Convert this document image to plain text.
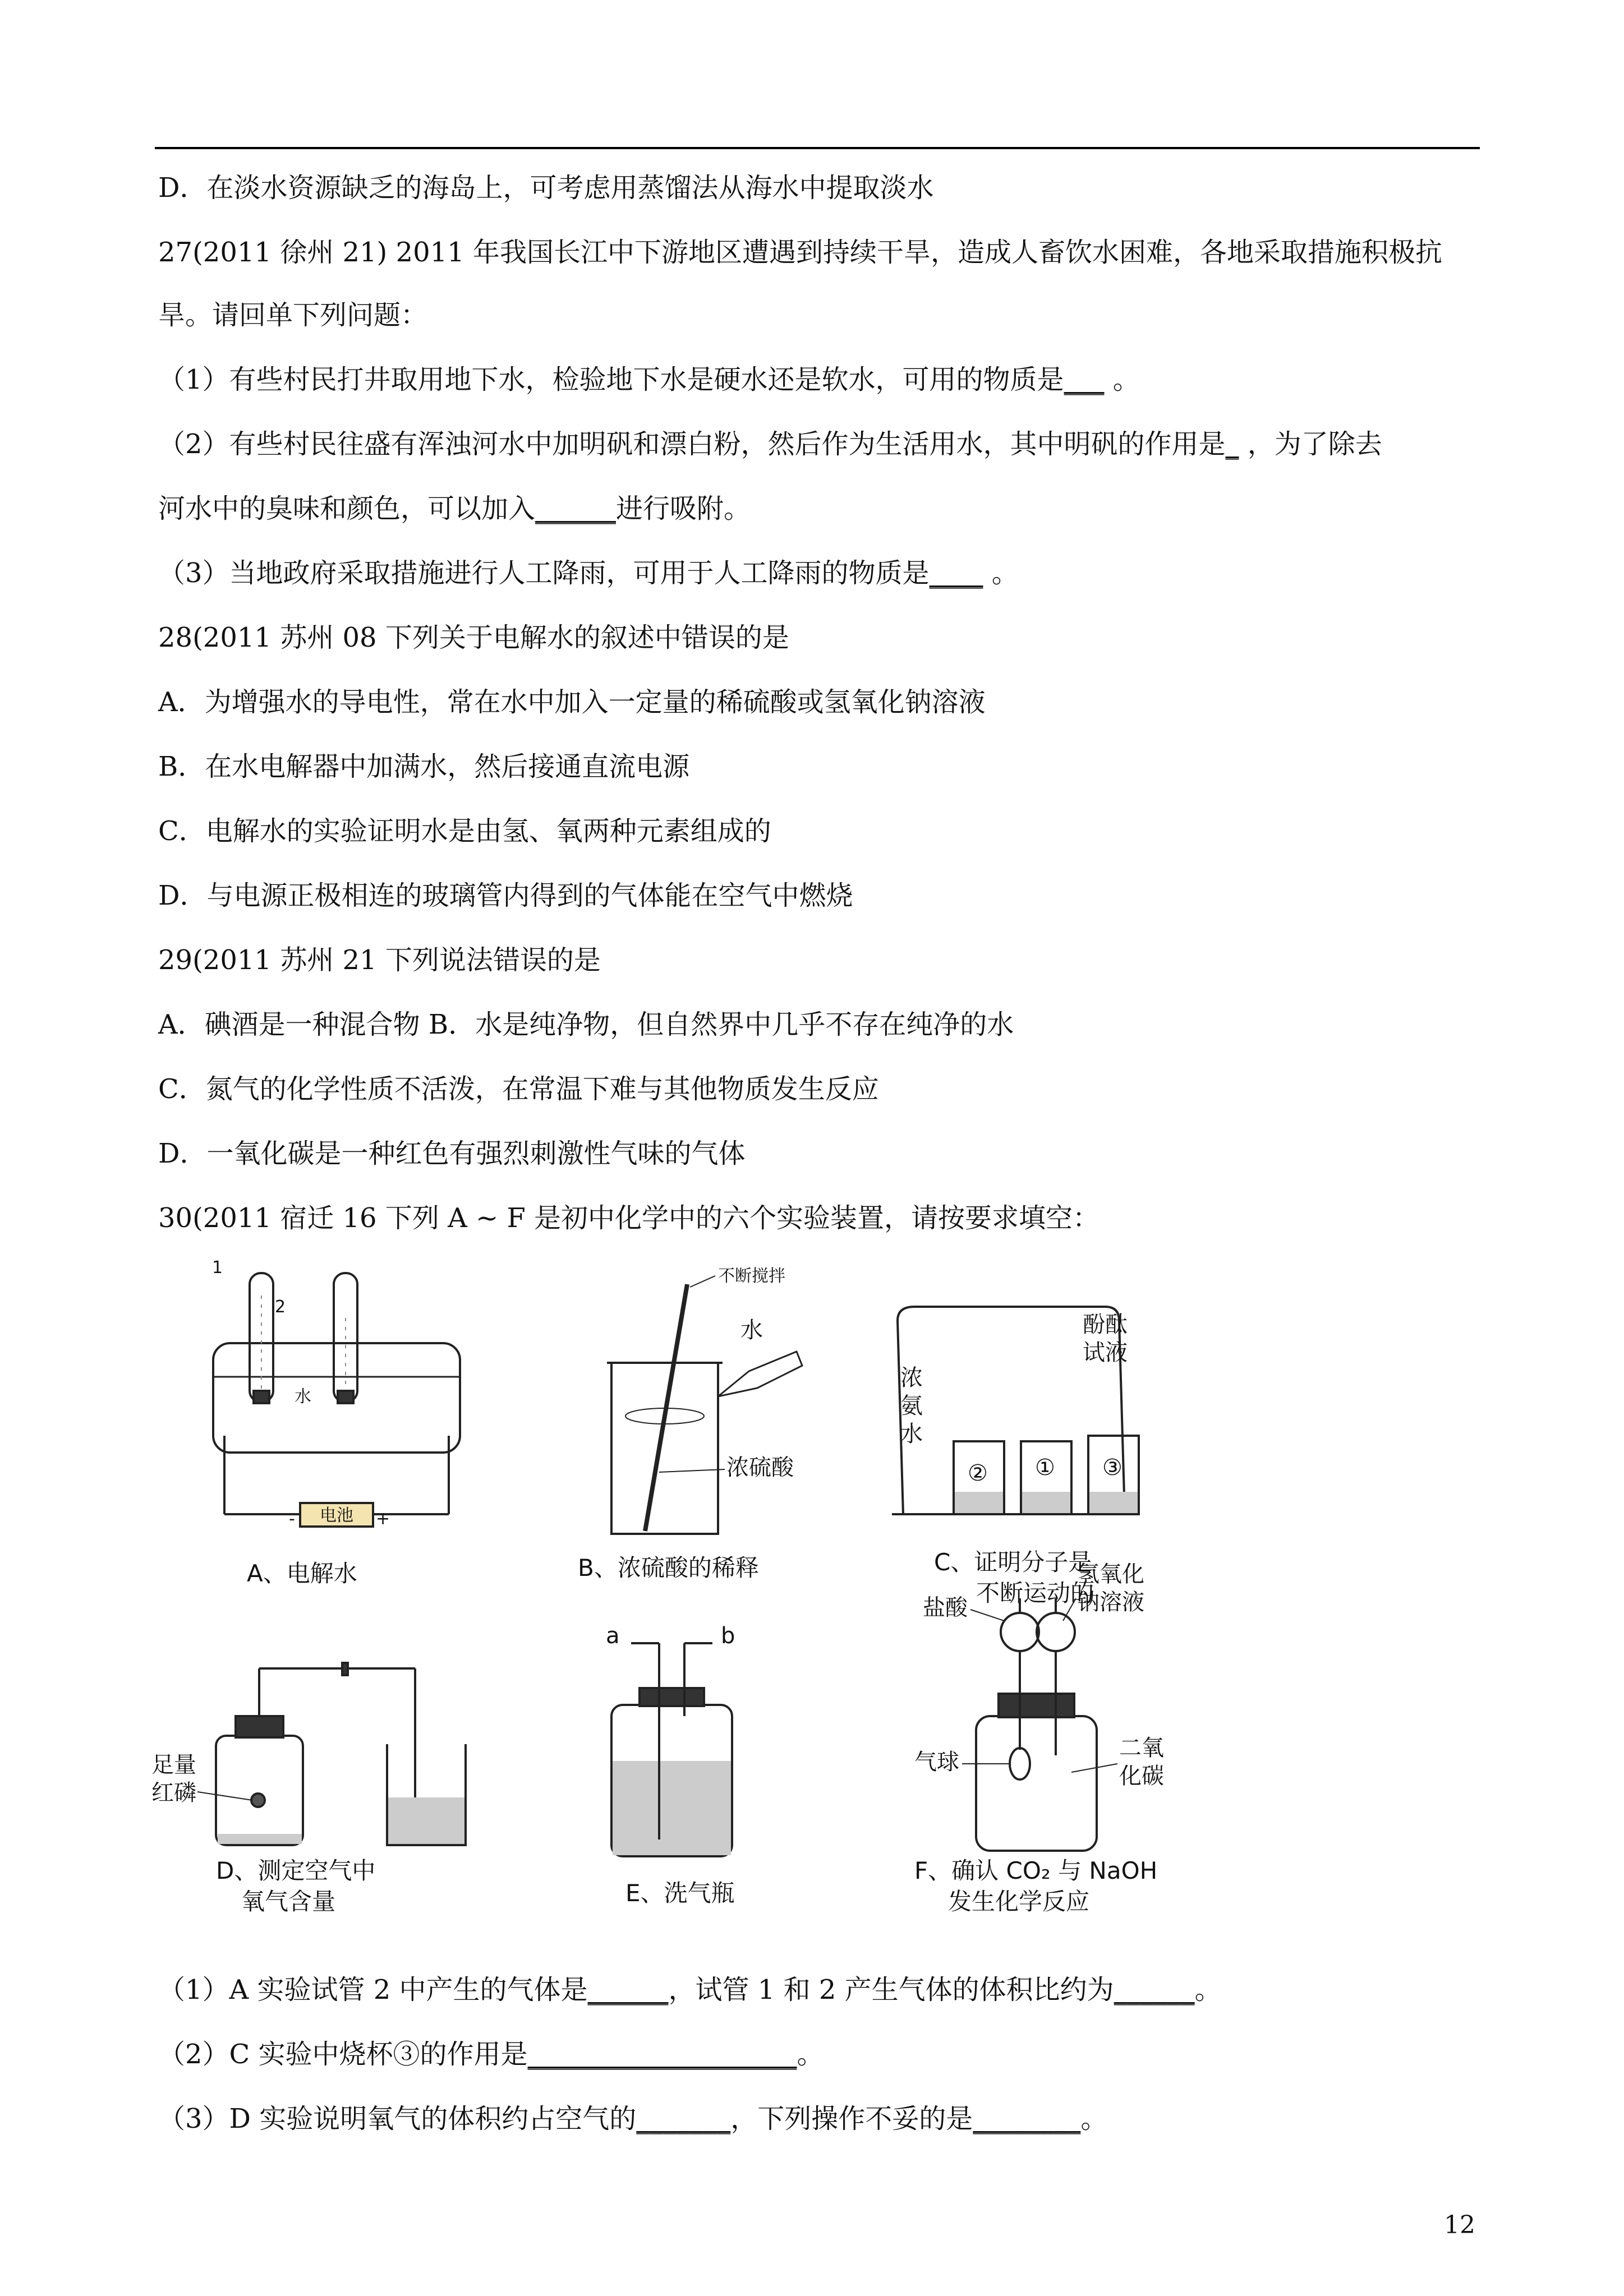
D．在淡水资源缺乏的海岛上，可考虑用蒸馏法从海水中提取淡水
27(2011 徐州 21) 2011 年我国长江中下游地区遭遇到持续干旱，造成人畜饮水困难，各地采取措施积极抗
旱。请回单下列问题：
（1）有些村民打井取用地下水，检验地下水是硬水还是软水，可用的物质是___ 。
（2）有些村民往盛有浑浊河水中加明矾和漂白粉，然后作为生活用水，其中明矾的作用是_ ，为了除去
河水中的臭味和颜色，可以加入______进行吸附。
（3）当地政府采取措施进行人工降雨，可用于人工降雨的物质是____ 。
28(2011 苏州 08 下列关于电解水的叙述中错误的是
A．为增强水的导电性，常在水中加入一定量的稀硫酸或氢氧化钠溶液
B．在水电解器中加满水，然后接通直流电源
C．电解水的实验证明水是由氢、氧两种元素组成的
D．与电源正极相连的玻璃管内得到的气体能在空气中燃烧
29(2011 苏州 21 下列说法错误的是
A．碘酒是一种混合物 B．水是纯净物，但自然界中几乎不存在纯净的水
C．氮气的化学性质不活泼，在常温下难与其他物质发生反应
D．一氧化碳是一种红色有强烈刺激性气味的气体
30(2011 宿迁 16 下列 A ~ F 是初中化学中的六个实验装置，请按要求填空：
电池
-	+
1
2
水
A、电解水
不断搅拌
水
浓硫酸
B、浓硫酸的稀释
② ① ③
酚酞
试液
浓
氨
水
C、证明分子是
不断运动的
足量
红磷
D、测定空气中
氧气含量
a	b
E、洗气瓶
盐酸
氢氧化
钠溶液
气球
二氧
化碳
F、确认 CO₂ 与 NaOH
发生化学反应
（1）A 实验试管 2 中产生的气体是______，试管 1 和 2 产生气体的体积比约为______。
（2）C 实验中烧杯③的作用是____________________。
（3）D 实验说明氧气的体积约占空气的_______，下列操作不妥的是________。
12
